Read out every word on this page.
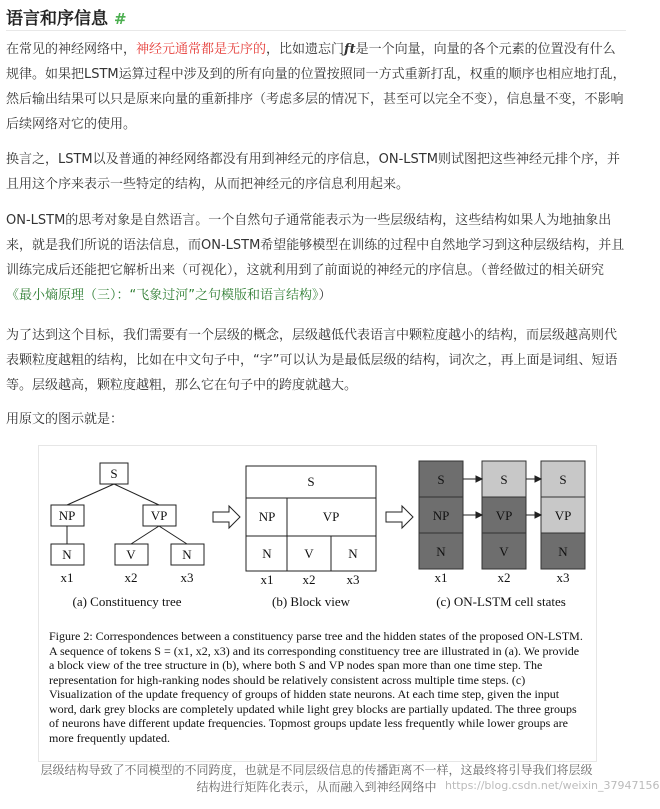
语言和序信息 #

在常见的神经网络中，神经元通常都是无序的，比如遗忘门ƒt是一个向量，向量的各个元素的位置没有什么规律。如果把LSTM运算过程中涉及到的所有向量的位置按照同一方式重新打乱，权重的顺序也相应地打乱，然后输出结果可以只是原来向量的重新排序（考虑多层的情况下，甚至可以完全不变），信息量不变，不影响后续网络对它的使用。

换言之，LSTM以及普通的神经网络都没有用到神经元的序信息，ON-LSTM则试图把这些神经元排个序，并且用这个序来表示一些特定的结构，从而把神经元的序信息利用起来。

ON-LSTM的思考对象是自然语言。一个自然句子通常能表示为一些层级结构，这些结构如果人为地抽象出来，就是我们所说的语法信息，而ON-LSTM希望能够模型在训练的过程中自然地学习到这种层级结构，并且训练完成后还能把它解析出来（可视化），这就利用到了前面说的神经元的序信息。（普经做过的相关研究《最小熵原理（三）：“飞象过河”之句模版和语言结构》）

为了达到这个目标，我们需要有一个层级的概念，层级越低代表语言中颗粒度越小的结构，而层级越高则代表颗粒度越粗的结构，比如在中文句子中，“字”可以认为是最低层级的结构，词次之，再上面是词组、短语等。层级越高，颗粒度越粗，那么它在句子中的跨度就越大。

用原文的图示就是：

S
NP	VP
N	V	N
x1	x2	x3
(a) Constituency tree
S
NP	VP
N	V	N
x1 x2 x3
(b) Block view
S
NP
N
S
VP
V
S
VP
N
x1	x2	x3
(c) ON-LSTM cell states
Figure 2: Correspondences between a constituency parse tree and the hidden states of the proposed ON-LSTM. A sequence of tokens S = (x1, x2, x3) and its corresponding constituency tree are illustrated in (a). We provide a block view of the tree structure in (b), where both S and VP nodes span more than one time step. The representation for high-ranking nodes should be relatively consistent across multiple time steps. (c) Visualization of the update frequency of groups of hidden state neurons. At each time step, given the input word, dark grey blocks are completely updated while light grey blocks are partially updated. The three groups of neurons have different update frequencies. Topmost groups update less frequently while lower groups are more frequently updated.
层级结构导致了不同模型的不同跨度，也就是不同层级信息的传播距离不一样，这最终将引导我们将层级结构进行矩阵化表示，从而融入到神经网络中 https://blog.csdn.net/weixin_37947156
